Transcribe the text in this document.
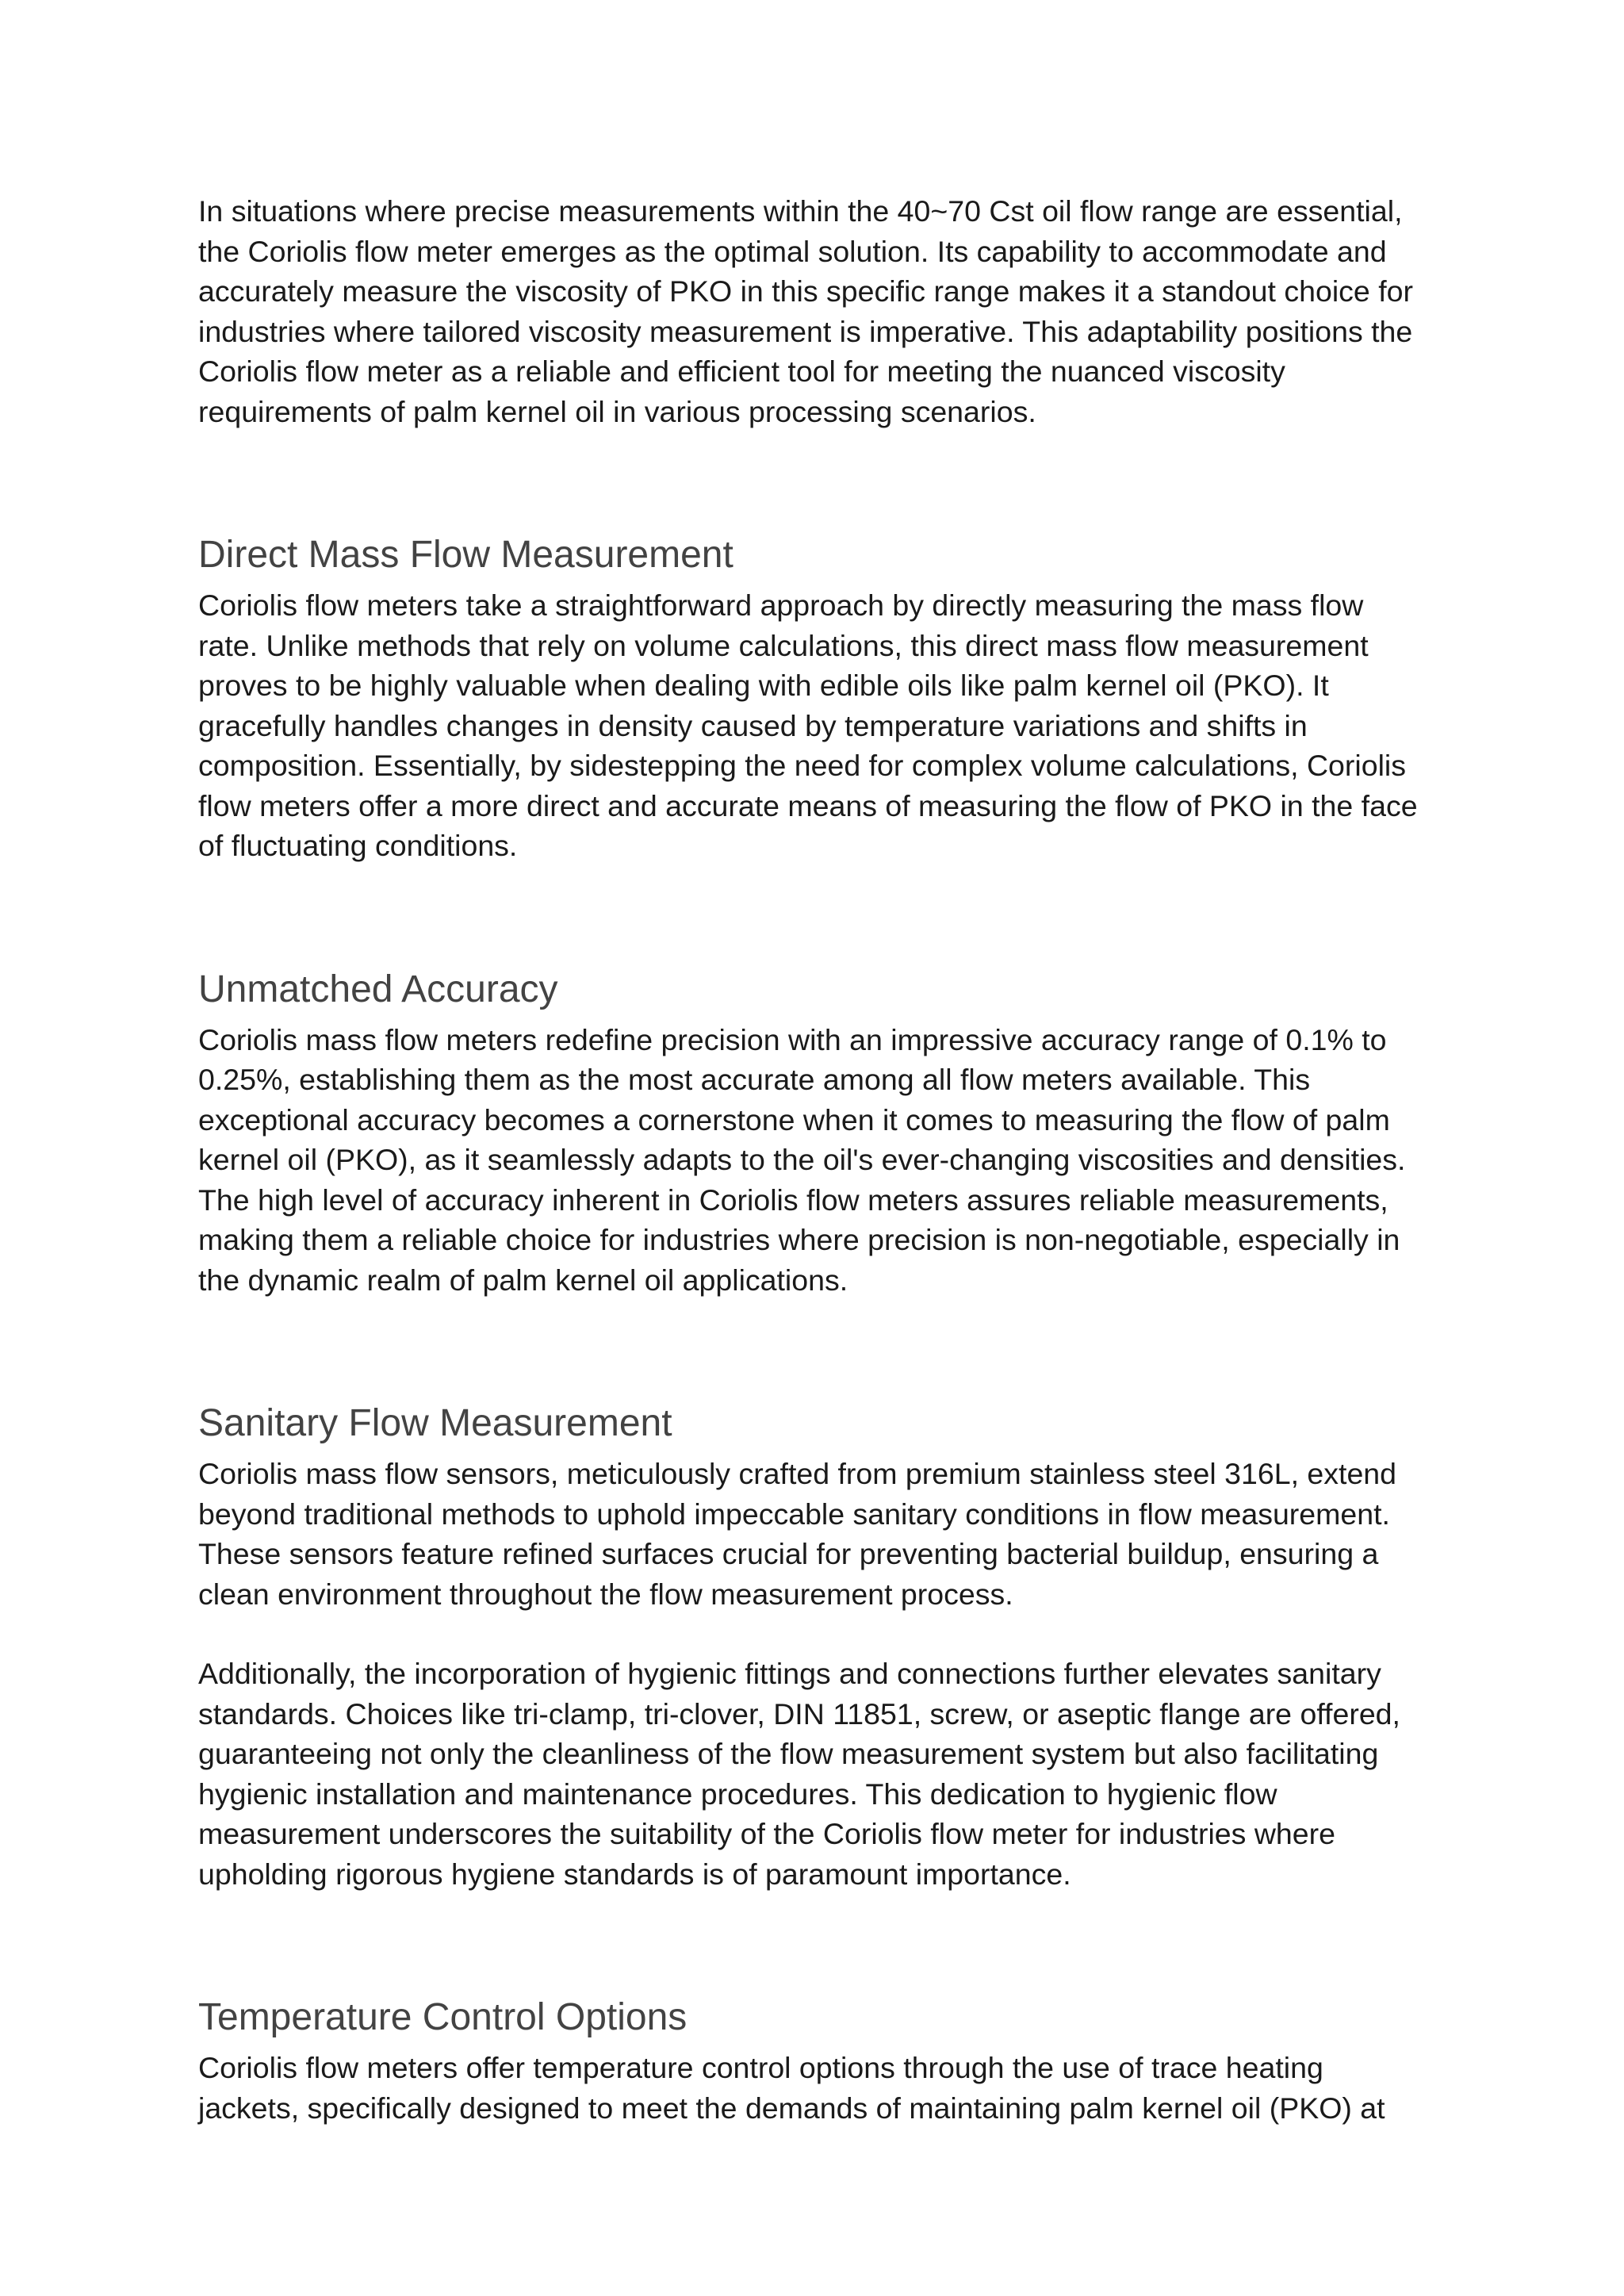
In situations where precise measurements within the 40~70 Cst oil flow range are essential,
the Coriolis flow meter emerges as the optimal solution. Its capability to accommodate and
accurately measure the viscosity of PKO in this specific range makes it a standout choice for
industries where tailored viscosity measurement is imperative. This adaptability positions the
Coriolis flow meter as a reliable and efficient tool for meeting the nuanced viscosity
requirements of palm kernel oil in various processing scenarios.

Direct Mass Flow Measurement

Coriolis flow meters take a straightforward approach by directly measuring the mass flow
rate. Unlike methods that rely on volume calculations, this direct mass flow measurement
proves to be highly valuable when dealing with edible oils like palm kernel oil (PKO). It
gracefully handles changes in density caused by temperature variations and shifts in
composition. Essentially, by sidestepping the need for complex volume calculations, Coriolis
flow meters offer a more direct and accurate means of measuring the flow of PKO in the face
of fluctuating conditions.

Unmatched Accuracy

Coriolis mass flow meters redefine precision with an impressive accuracy range of 0.1% to
0.25%, establishing them as the most accurate among all flow meters available. This
exceptional accuracy becomes a cornerstone when it comes to measuring the flow of palm
kernel oil (PKO), as it seamlessly adapts to the oil's ever-changing viscosities and densities.
The high level of accuracy inherent in Coriolis flow meters assures reliable measurements,
making them a reliable choice for industries where precision is non-negotiable, especially in
the dynamic realm of palm kernel oil applications.

Sanitary Flow Measurement

Coriolis mass flow sensors, meticulously crafted from premium stainless steel 316L, extend
beyond traditional methods to uphold impeccable sanitary conditions in flow measurement.
These sensors feature refined surfaces crucial for preventing bacterial buildup, ensuring a
clean environment throughout the flow measurement process.

Additionally, the incorporation of hygienic fittings and connections further elevates sanitary
standards. Choices like tri-clamp, tri-clover, DIN 11851, screw, or aseptic flange are offered,
guaranteeing not only the cleanliness of the flow measurement system but also facilitating
hygienic installation and maintenance procedures. This dedication to hygienic flow
measurement underscores the suitability of the Coriolis flow meter for industries where
upholding rigorous hygiene standards is of paramount importance.

Temperature Control Options

Coriolis flow meters offer temperature control options through the use of trace heating
jackets, specifically designed to meet the demands of maintaining palm kernel oil (PKO) at
